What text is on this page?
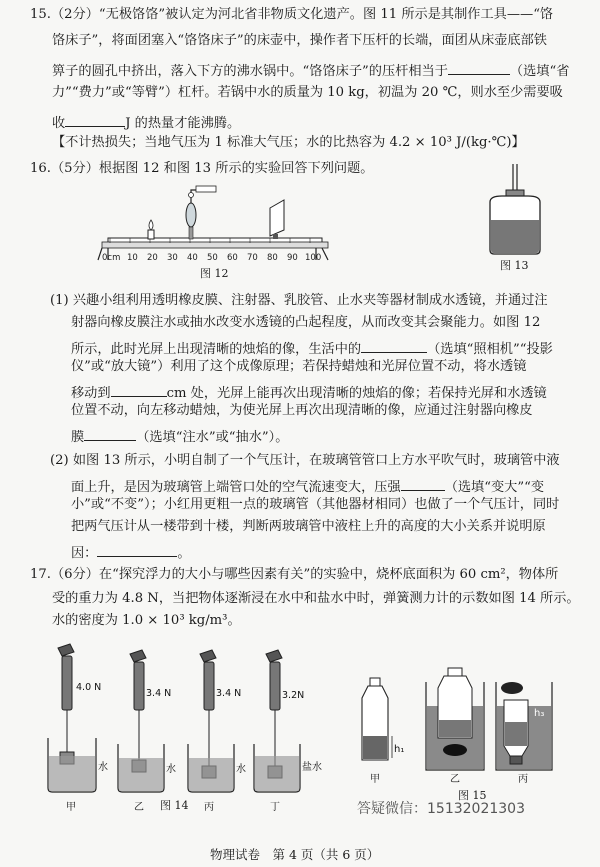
15.（2分）“无极饹饹”被认定为河北省非物质文化遗产。图 11 所示是其制作工具——“饹
饹床子”，将面团塞入“饹饹床子”的床壶中，操作者下压杆的长端，面团从床壶底部铁
箅子的圆孔中挤出，落入下方的沸水锅中。“饹饹床子”的压杆相当于	（选填“省
力”“费力”或“等臂”）杠杆。若锅中水的质量为 10 kg，初温为 20 ℃，则水至少需要吸
收	J 的热量才能沸腾。
【不计热损失；当地气压为 1 标准大气压；水的比热容为 4.2 × 10³ J/(kg·℃)】
16.（5分）根据图 12 和图 13 所示的实验回答下列问题。
0cm 10 20 30 40 50 60 70 80 90 100
图 12
图 13
(1) 兴趣小组利用透明橡皮膜、注射器、乳胶管、止水夹等器材制成水透镜，并通过注
射器向橡皮膜注水或抽水改变水透镜的凸起程度，从而改变其会聚能力。如图 12
所示，此时光屏上出现清晰的烛焰的像，生活中的	（选填“照相机”“投影
仪”或“放大镜”）利用了这个成像原理；若保持蜡烛和光屏位置不动，将水透镜
移动到	cm 处，光屏上能再次出现清晰的烛焰的像；若保持光屏和水透镜
位置不动，向左移动蜡烛，为使光屏上再次出现清晰的像，应通过注射器向橡皮
膜	（选填“注水”或“抽水”）。
(2) 如图 13 所示，小明自制了一个气压计，在玻璃管管口上方水平吹气时，玻璃管中液
面上升，是因为玻璃管上端管口处的空气流速变大，压强	（选填“变大”“变
小”或“不变”）；小红用更粗一点的玻璃管（其他器材相同）也做了一个气压计，同时
把两气压计从一楼带到十楼，判断两玻璃管中液柱上升的高度的大小关系并说明原
因：	。
17.（6分）在“探究浮力的大小与哪些因素有关”的实验中，烧杯底面积为 60 cm²，物体所
受的重力为 4.8 N，当把物体逐渐浸在水中和盐水中时，弹簧测力计的示数如图 14 所示。
水的密度为 1.0 × 10³ kg/m³。
4.0 N
3.4 N	3.4 N	3.2N
水	水	水	盐水
甲	乙	丙	丁
图 14
h₁
h₂	h₃
甲	乙	丙
图 15
答疑微信：15132021303
物理试卷　第 4 页（共 6 页）
